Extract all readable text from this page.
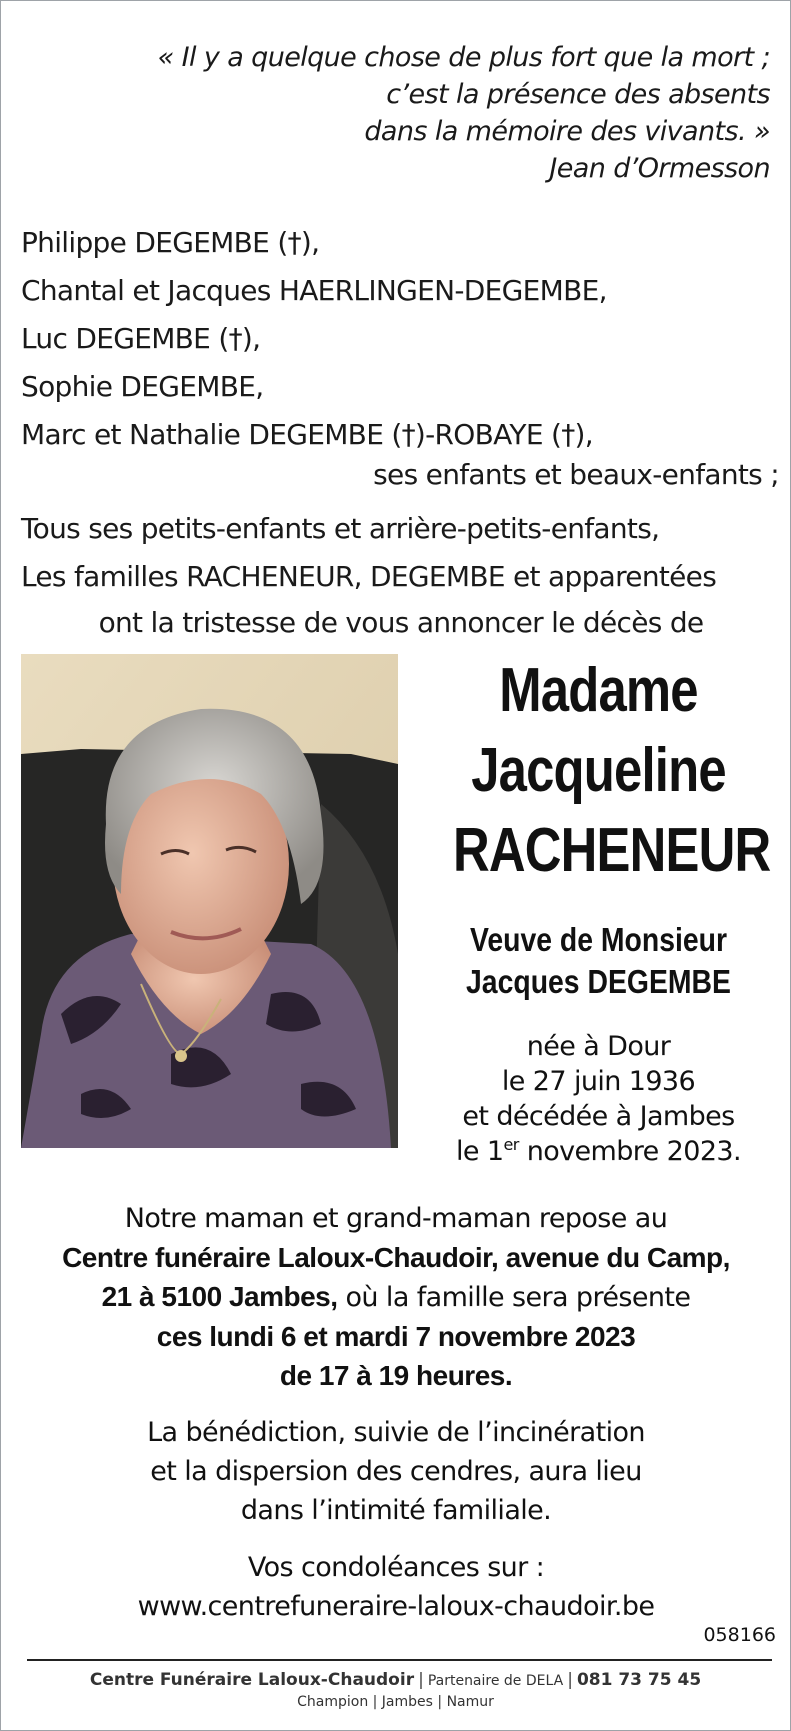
« Il y a quelque chose de plus fort que la mort ;
c’est la présence des absents
dans la mémoire des vivants. »
Jean d’Ormesson
Philippe DEGEMBE (†),
Chantal et Jacques HAERLINGEN-DEGEMBE,
Luc DEGEMBE (†),
Sophie DEGEMBE,
Marc et Nathalie DEGEMBE (†)-ROBAYE (†),
ses enfants et beaux-enfants ;
Tous ses petits-enfants et arrière-petits-enfants,
Les familles RACHENEUR, DEGEMBE et apparentées
ont la tristesse de vous annoncer le décès de
Madame
Jacqueline
RACHENEUR
Veuve de Monsieur
Jacques DEGEMBE
née à Dour
le 27 juin 1936
et décédée à Jambes
le 1er novembre 2023.
Notre maman et grand-maman repose au
Centre funéraire Laloux-Chaudoir, avenue du Camp,
21 à 5100 Jambes, où la famille sera présente
ces lundi 6 et mardi 7 novembre 2023
de 17 à 19 heures.
La bénédiction, suivie de l’incinération
et la dispersion des cendres, aura lieu
dans l’intimité familiale.
Vos condoléances sur :
www.centrefuneraire-laloux-chaudoir.be
058166
Centre Funéraire Laloux-Chaudoir | Partenaire de DELA | 081 73 75 45
Champion | Jambes | Namur
